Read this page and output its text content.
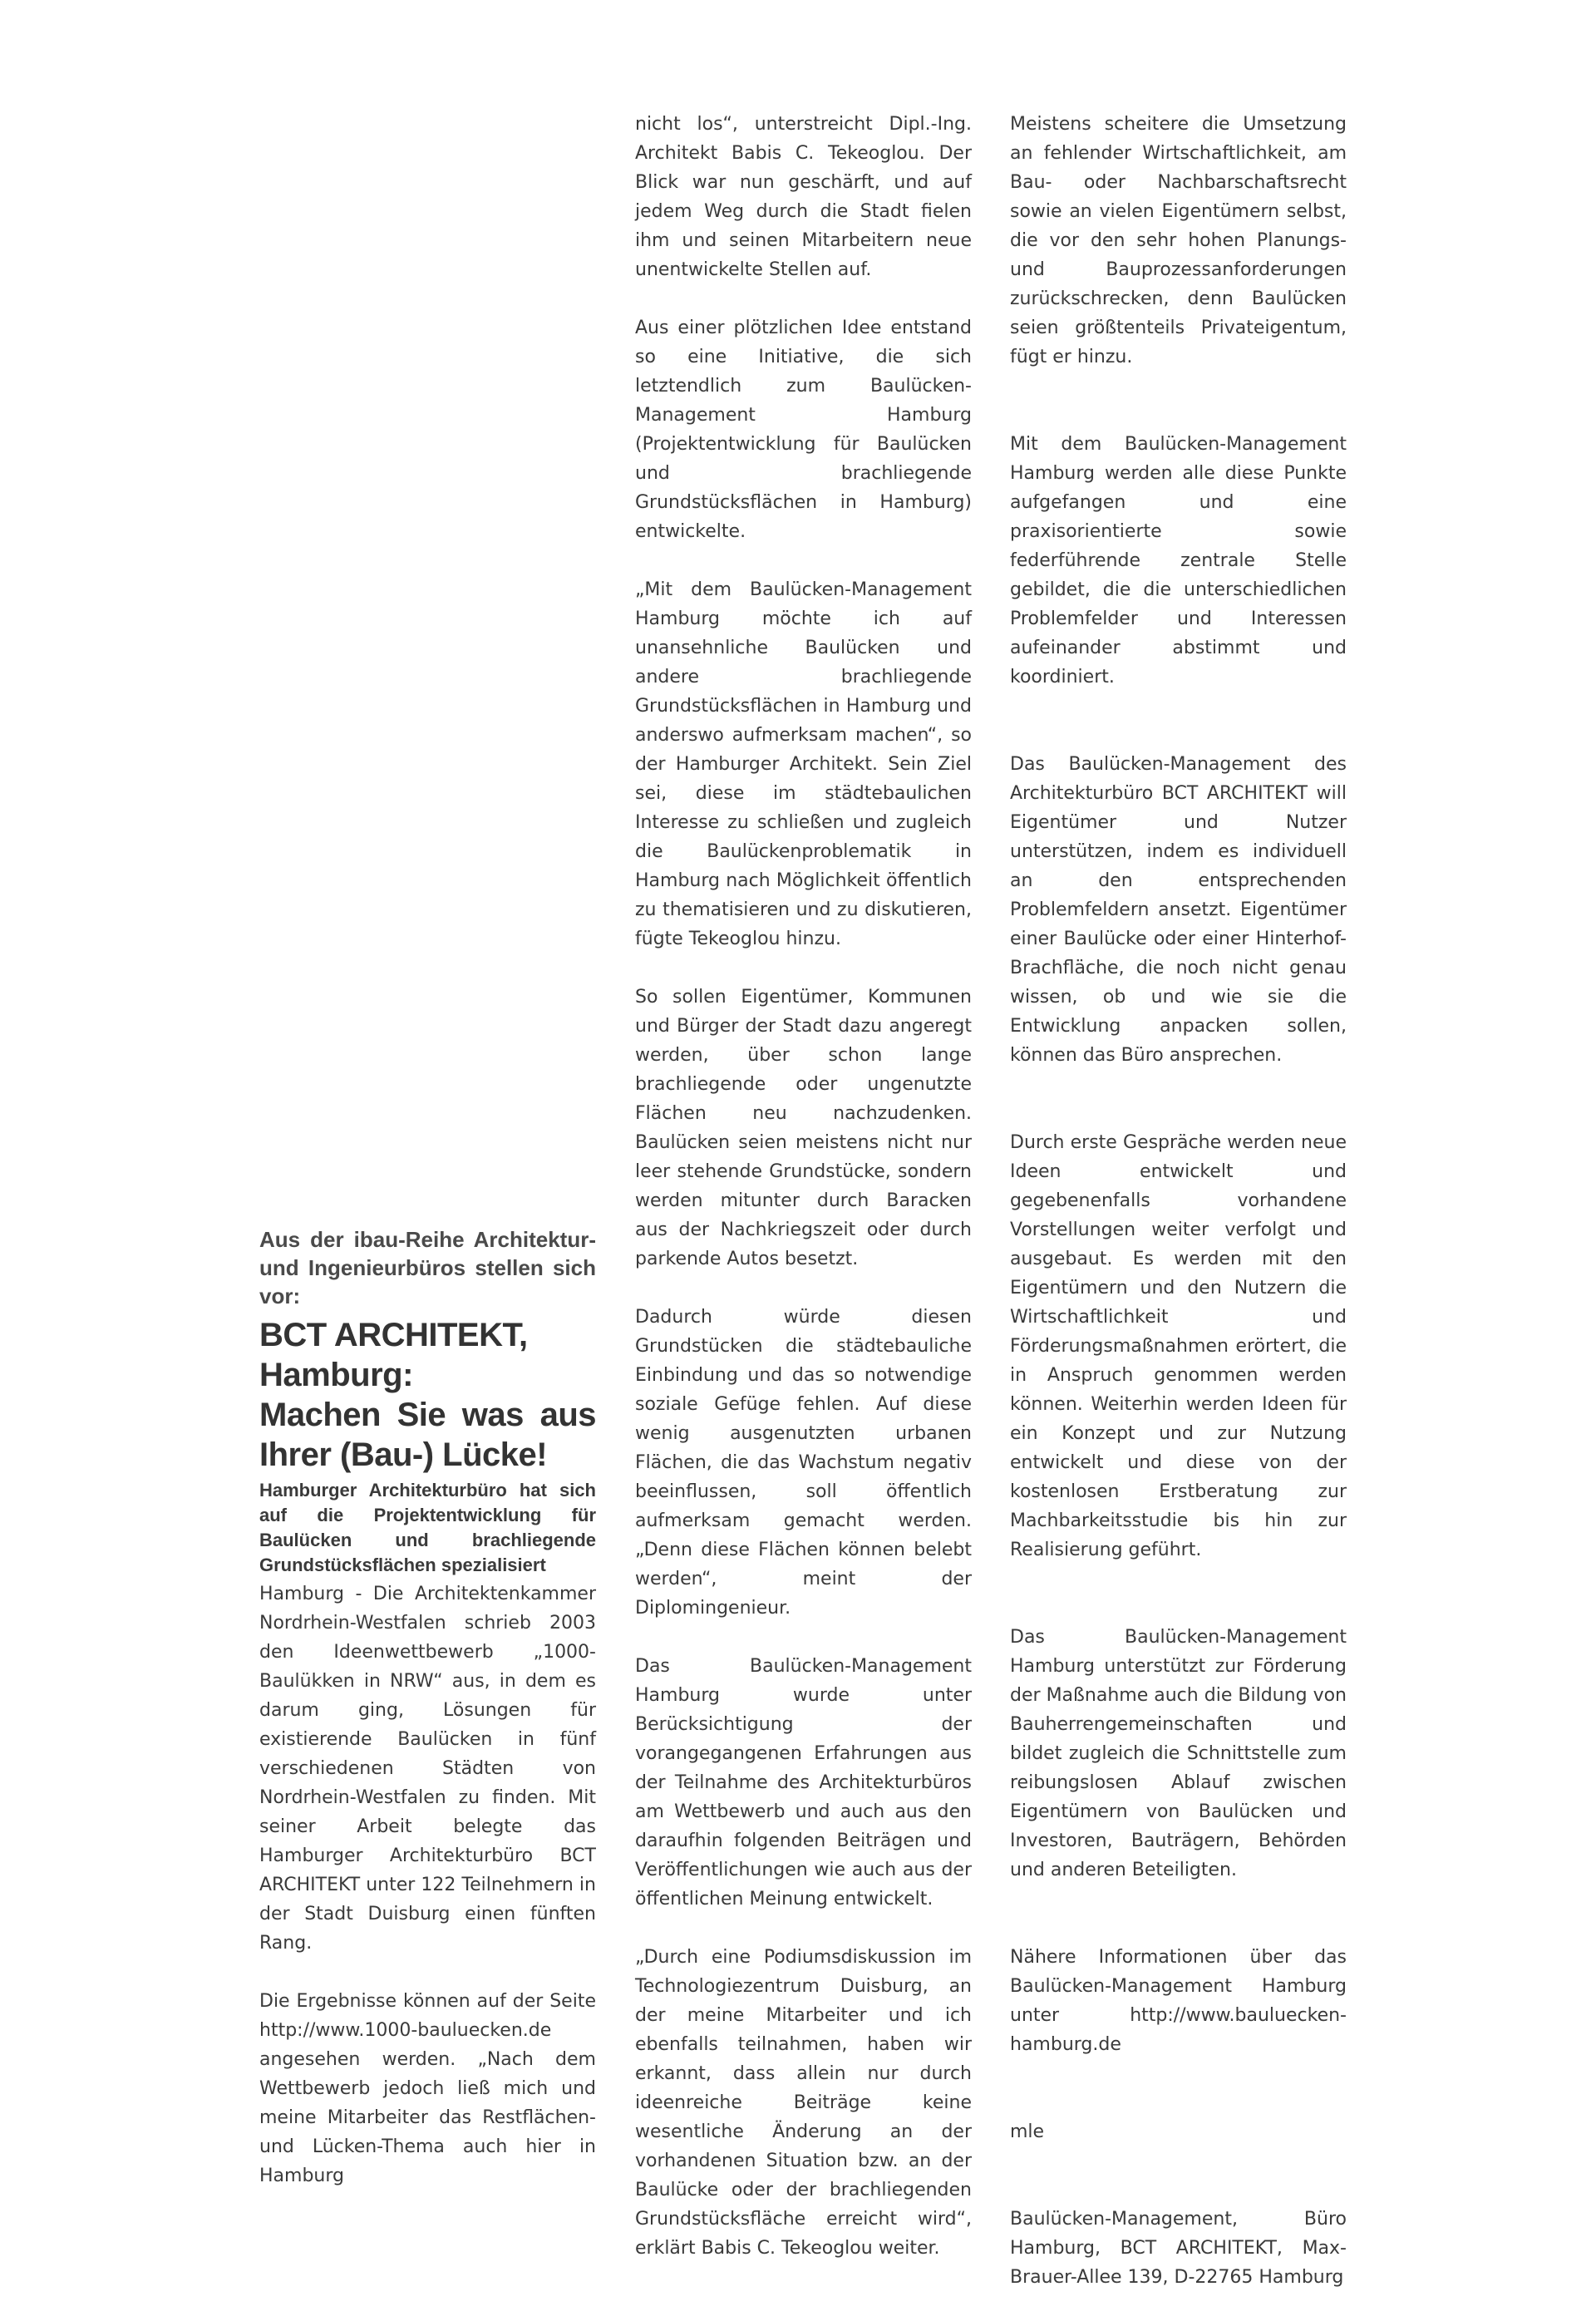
Aus der ibau-Reihe Architektur- und Ingenieurbüros stellen sich vor:
BCT ARCHITEKT,
Hamburg:
Machen Sie was aus Ihrer (Bau-) Lücke!
Hamburger Architekturbüro hat sich auf die Projektentwicklung für Baulücken und brachliegende Grundstücksflächen spezialisiert

Hamburg - Die Architektenkammer Nordrhein-Westfalen schrieb 2003 den Ideenwettbewerb „1000-Baulükken in NRW“ aus, in dem es darum ging, Lösungen für existierende Baulücken in fünf verschiedenen Städten von Nordrhein-Westfalen zu finden. Mit seiner Arbeit belegte das Hamburger Architekturbüro BCT ARCHITEKT unter 122 Teilnehmern in der Stadt Duisburg einen fünften Rang.

Die Ergebnisse können auf der Seite http://www.1000-bauluecken.de angesehen werden. „Nach dem Wettbewerb jedoch ließ mich und meine Mitarbeiter das Restflächen- und Lücken-Thema auch hier in Hamburg

nicht los“, unterstreicht Dipl.-Ing. Architekt Babis C. Tekeoglou. Der Blick war nun geschärft, und auf jedem Weg durch die Stadt fielen ihm und seinen Mitarbeitern neue unentwickelte Stellen auf.

Aus einer plötzlichen Idee entstand so eine Initiative, die sich letztendlich zum Baulücken-Management Hamburg (Projektentwicklung für Baulücken und brachliegende Grundstücksflächen in Hamburg) entwickelte.

„Mit dem Baulücken-Management Hamburg möchte ich auf unansehnliche Baulücken und andere brachliegende Grundstücksflächen in Hamburg und anderswo aufmerksam machen“, so der Hamburger Architekt. Sein Ziel sei, diese im städtebaulichen Interesse zu schließen und zugleich die Baulückenproblematik in Hamburg nach Möglichkeit öffentlich zu thematisieren und zu diskutieren, fügte Tekeoglou hinzu.

So sollen Eigentümer, Kommunen und Bürger der Stadt dazu angeregt werden, über schon lange brachliegende oder ungenutzte Flächen neu nachzudenken. Baulücken seien meistens nicht nur leer stehende Grundstücke, sondern werden mitunter durch Baracken aus der Nachkriegszeit oder durch parkende Autos besetzt.

Dadurch würde diesen Grundstücken die städtebauliche Einbindung und das so notwendige soziale Gefüge fehlen. Auf diese wenig ausgenutzten urbanen Flächen, die das Wachstum negativ beeinflussen, soll öffentlich aufmerksam gemacht werden. „Denn diese Flächen können belebt werden“, meint der Diplomingenieur.

Das Baulücken-Management Hamburg wurde unter Berücksichtigung der vorangegangenen Erfahrungen aus der Teilnahme des Architekturbüros am Wettbewerb und auch aus den daraufhin folgenden Beiträgen und Veröffentlichungen wie auch aus der öffentlichen Meinung entwickelt.

„Durch eine Podiumsdiskussion im Technologiezentrum Duisburg, an der meine Mitarbeiter und ich ebenfalls teilnahmen, haben wir erkannt, dass allein nur durch ideenreiche Beiträge keine wesentliche Änderung an der vorhandenen Situation bzw. an der Baulücke oder der brachliegenden Grundstücksfläche erreicht wird“, erklärt Babis C. Tekeoglou weiter.

Meistens scheitere die Umsetzung an fehlender Wirtschaftlichkeit, am Bau- oder Nachbarschaftsrecht sowie an vielen Eigentümern selbst, die vor den sehr hohen Planungs- und Bauprozessanforderungen zurückschrecken, denn Baulücken seien größtenteils Privateigentum, fügt er hinzu.

Mit dem Baulücken-Management Hamburg werden alle diese Punkte aufgefangen und eine praxisorientierte sowie federführende zentrale Stelle gebildet, die die unterschiedlichen Problemfelder und Interessen aufeinander abstimmt und koordiniert.

Das Baulücken-Management des Architekturbüro BCT ARCHITEKT will Eigentümer und Nutzer unterstützen, indem es individuell an den entsprechenden Problemfeldern ansetzt. Eigentümer einer Baulücke oder einer Hinterhof-Brachfläche, die noch nicht genau wissen, ob und wie sie die Entwicklung anpacken sollen, können das Büro ansprechen.

Durch erste Gespräche werden neue Ideen entwickelt und gegebenenfalls vorhandene Vorstellungen weiter verfolgt und ausgebaut. Es werden mit den Eigentümern und den Nutzern die Wirtschaftlichkeit und Förderungsmaßnahmen erörtert, die in Anspruch genommen werden können. Weiterhin werden Ideen für ein Konzept und zur Nutzung entwickelt und diese von der kostenlosen Erstberatung zur Machbarkeitsstudie bis hin zur Realisierung geführt.

Das Baulücken-Management Hamburg unterstützt zur Förderung der Maßnahme auch die Bildung von Bauherrengemeinschaften und bildet zugleich die Schnittstelle zum reibungslosen Ablauf zwischen Eigentümern von Baulücken und Investoren, Bauträgern, Behörden und anderen Beteiligten.

Nähere Informationen über das Baulücken-Management Hamburg unter http://www.bauluecken-hamburg.de

mle

Baulücken-Management, Büro Hamburg, BCT ARCHITEKT, Max-Brauer-Allee 139, D-22765 Hamburg
